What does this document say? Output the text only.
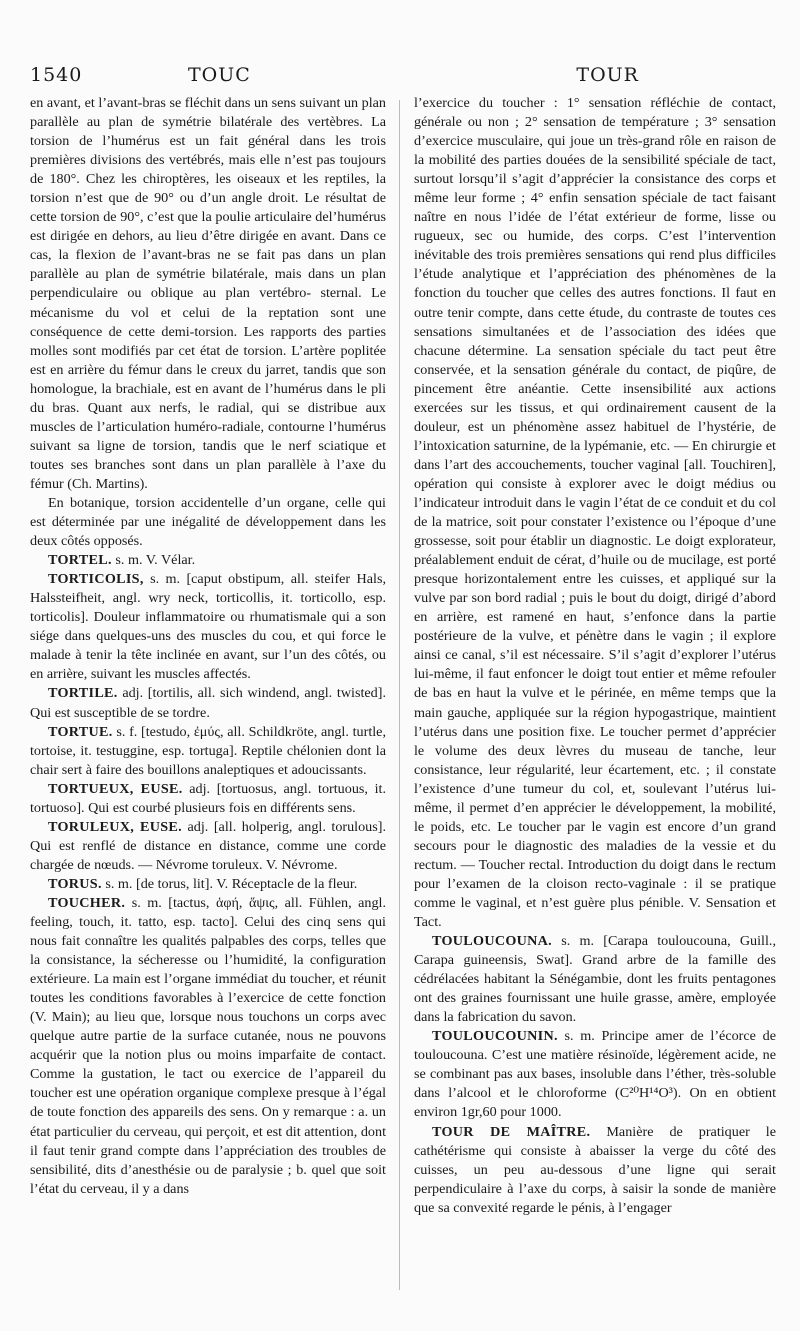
1540	TOUC	TOUR

en avant, et l’avant-bras se fléchit dans un sens suivant un plan parallèle au plan de symétrie bilatérale des vertèbres. La torsion de l’humérus est un fait général dans les trois premières divisions des vertébrés, mais elle n’est pas toujours de 180°. Chez les chiroptères, les oiseaux et les reptiles, la torsion n’est que de 90° ou d’un angle droit. Le résultat de cette torsion de 90°, c’est que la poulie articulaire del’humérus est dirigée en dehors, au lieu d’être dirigée en avant. Dans ce cas, la flexion de l’avant-bras ne se fait pas dans un plan parallèle au plan de symétrie bilatérale, mais dans un plan perpendiculaire ou oblique au plan vertébro- sternal. Le mécanisme du vol et celui de la reptation sont une conséquence de cette demi-torsion. Les rapports des parties molles sont modifiés par cet état de torsion. L’artère poplitée est en arrière du fémur dans le creux du jarret, tandis que son homologue, la brachiale, est en avant de l’humérus dans le pli du bras. Quant aux nerfs, le radial, qui se distribue aux muscles de l’articulation huméro-radiale, contourne l’humérus suivant sa ligne de torsion, tandis que le nerf sciatique et toutes ses branches sont dans un plan parallèle à l’axe du fémur (Ch. Martins).

En botanique, torsion accidentelle d’un organe, celle qui est déterminée par une inégalité de développement dans les deux côtés opposés.

TORTEL. s. m. V. Vélar.

TORTICOLIS, s. m. [caput obstipum, all. steifer Hals, Halssteifheit, angl. wry neck, torticollis, it. torticollo, esp. torticolis]. Douleur inflammatoire ou rhumatismale qui a son siége dans quelques-uns des muscles du cou, et qui force le malade à tenir la tête inclinée en avant, sur l’un des côtés, ou en arrière, suivant les muscles affectés.

TORTILE. adj. [tortilis, all. sich windend, angl. twisted]. Qui est susceptible de se tordre.

TORTUE. s. f. [testudo, ἐμύς, all. Schildkröte, angl. turtle, tortoise, it. testuggine, esp. tortuga]. Reptile chélonien dont la chair sert à faire des bouillons analeptiques et adoucissants.

TORTUEUX, EUSE. adj. [tortuosus, angl. tortuous, it. tortuoso]. Qui est courbé plusieurs fois en différents sens.

TORULEUX, EUSE. adj. [all. holperig, angl. torulous]. Qui est renflé de distance en distance, comme une corde chargée de nœuds. — Névrome toruleux. V. Névrome.

TORUS. s. m. [de torus, lit]. V. Réceptacle de la fleur.

TOUCHER. s. m. [tactus, ἁφή, ἅψις, all. Fühlen, angl. feeling, touch, it. tatto, esp. tacto]. Celui des cinq sens qui nous fait connaître les qualités palpables des corps, telles que la consistance, la sécheresse ou l’humidité, la configuration extérieure. La main est l’organe immédiat du toucher, et réunit toutes les conditions favorables à l’exercice de cette fonction (V. Main); au lieu que, lorsque nous touchons un corps avec quelque autre partie de la surface cutanée, nous ne pouvons acquérir que la notion plus ou moins imparfaite de contact. Comme la gustation, le tact ou exercice de l’appareil du toucher est une opération organique complexe presque à l’égal de toute fonction des appareils des sens. On y remarque : a. un état particulier du cerveau, qui perçoit, et est dit attention, dont il faut tenir grand compte dans l’appréciation des troubles de sensibilité, dits d’anesthésie ou de paralysie ; b. quel que soit l’état du cerveau, il y a dans

l’exercice du toucher : 1° sensation réfléchie de contact, générale ou non ; 2° sensation de température ; 3° sensation d’exercice musculaire, qui joue un très-grand rôle en raison de la mobilité des parties douées de la sensibilité spéciale de tact, surtout lorsqu’il s’agit d’apprécier la consistance des corps et même leur forme ; 4° enfin sensation spéciale de tact faisant naître en nous l’idée de l’état extérieur de forme, lisse ou rugueux, sec ou humide, des corps. C’est l’intervention inévitable des trois premières sensations qui rend plus difficiles l’étude analytique et l’appréciation des phénomènes de la fonction du toucher que celles des autres fonctions. Il faut en outre tenir compte, dans cette étude, du contraste de toutes ces sensations simultanées et de l’association des idées que chacune détermine. La sensation spéciale du tact peut être conservée, et la sensation générale du contact, de piqûre, de pincement être anéantie. Cette insensibilité aux actions exercées sur les tissus, et qui ordinairement causent de la douleur, est un phénomène assez habituel de l’hystérie, de l’intoxication saturnine, de la lypémanie, etc. — En chirurgie et dans l’art des accouchements, toucher vaginal [all. Touchiren], opération qui consiste à explorer avec le doigt médius ou l’indicateur introduit dans le vagin l’état de ce conduit et du col de la matrice, soit pour constater l’existence ou l’époque d’une grossesse, soit pour établir un diagnostic. Le doigt explorateur, préalablement enduit de cérat, d’huile ou de mucilage, est porté presque horizontalement entre les cuisses, et appliqué sur la vulve par son bord radial ; puis le bout du doigt, dirigé d’abord en arrière, est ramené en haut, s’enfonce dans la partie postérieure de la vulve, et pénètre dans le vagin ; il explore ainsi ce canal, s’il est nécessaire. S’il s’agit d’explorer l’utérus lui-même, il faut enfoncer le doigt tout entier et même refouler de bas en haut la vulve et le périnée, en même temps que la main gauche, appliquée sur la région hypogastrique, maintient l’utérus dans une position fixe. Le toucher permet d’apprécier le volume des deux lèvres du museau de tanche, leur consistance, leur régularité, leur écartement, etc. ; il constate l’existence d’une tumeur du col, et, soulevant l’utérus lui-même, il permet d’en apprécier le développement, la mobilité, le poids, etc. Le toucher par le vagin est encore d’un grand secours pour le diagnostic des maladies de la vessie et du rectum. — Toucher rectal. Introduction du doigt dans le rectum pour l’examen de la cloison recto-vaginale : il se pratique comme le vaginal, et n’est guère plus pénible. V. Sensation et Tact.

TOULOUCOUNA. s. m. [Carapa touloucouna, Guill., Carapa guineensis, Swat]. Grand arbre de la famille des cédrélacées habitant la Sénégambie, dont les fruits pentagones ont des graines fournissant une huile grasse, amère, employée dans la fabrication du savon.

TOULOUCOUNIN. s. m. Principe amer de l’écorce de touloucouna. C’est une matière résinoïde, légèrement acide, ne se combinant pas aux bases, insoluble dans l’éther, très-soluble dans l’alcool et le chloroforme (C²⁰H¹⁴O³). On en obtient environ 1gr,60 pour 1000.

TOUR DE MAÎTRE. Manière de pratiquer le cathétérisme qui consiste à abaisser la verge du côté des cuisses, un peu au-dessous d’une ligne qui serait perpendiculaire à l’axe du corps, à saisir la sonde de manière que sa convexité regarde le pénis, à l’engager
